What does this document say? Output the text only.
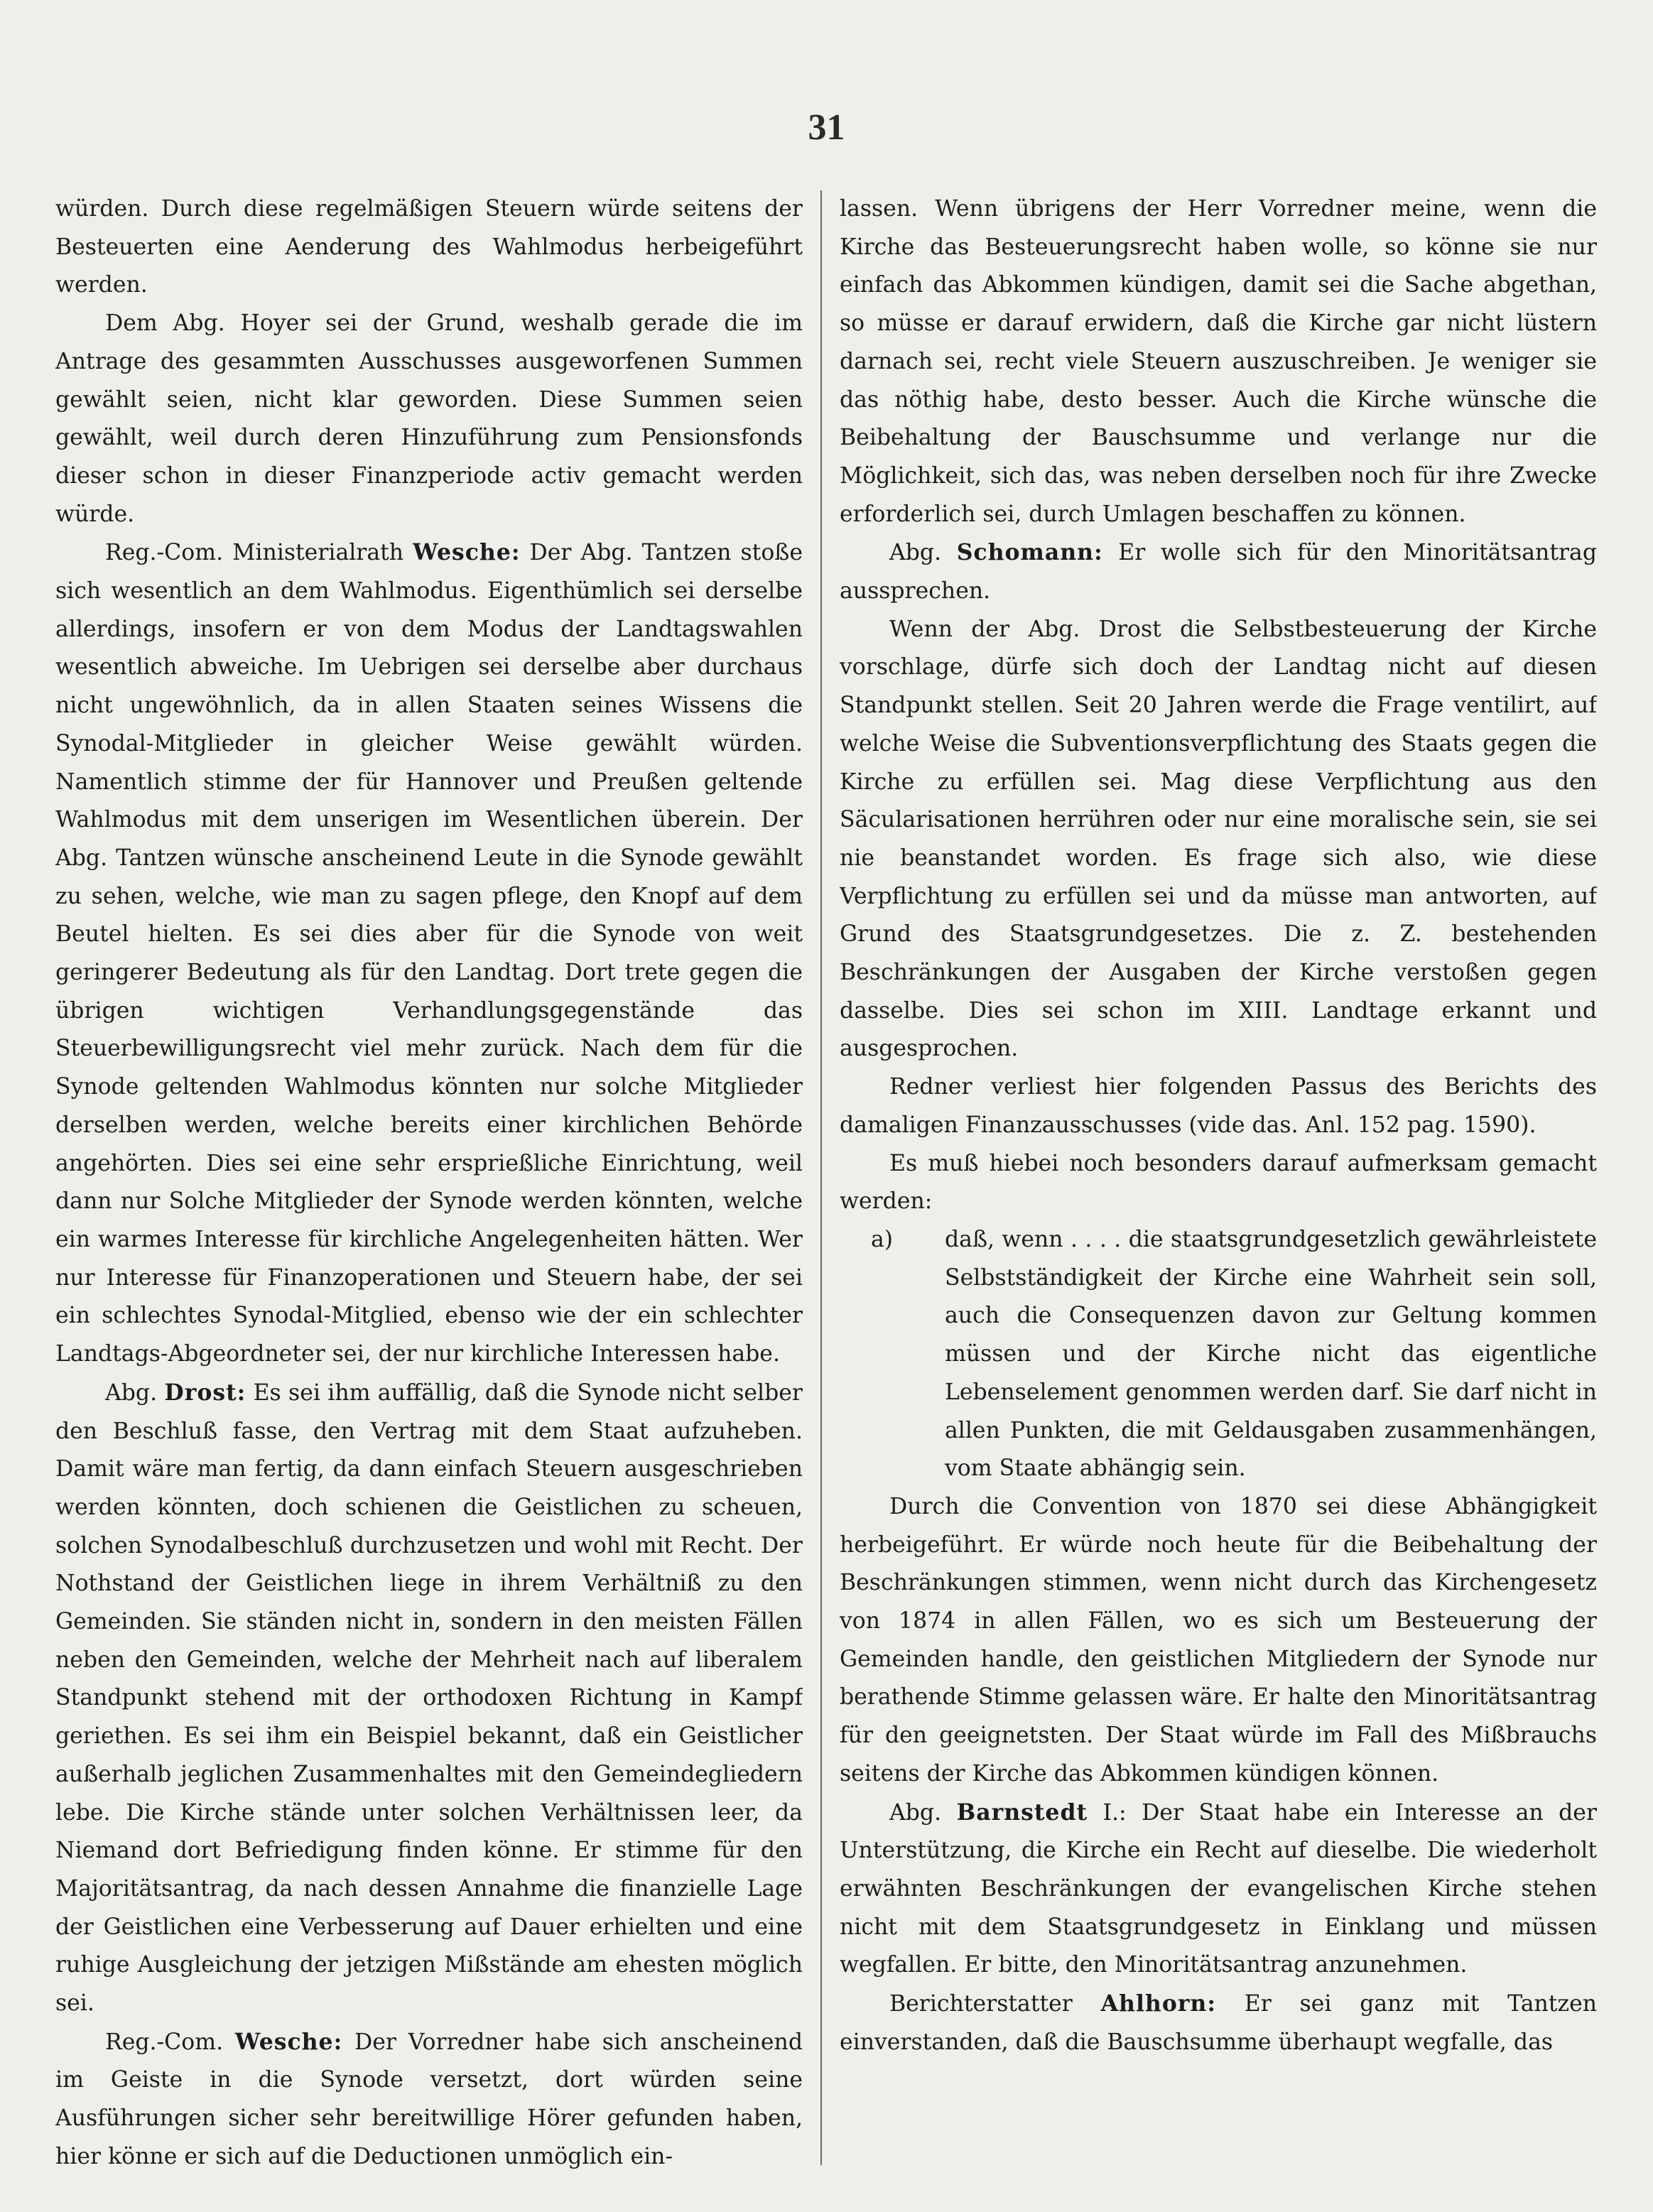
31

würden. Durch diese regelmäßigen Steuern würde seitens der Besteuerten eine Aenderung des Wahlmodus herbeigeführt werden.

Dem Abg. Hoyer sei der Grund, weshalb gerade die im Antrage des gesammten Ausschusses ausgeworfenen Summen gewählt seien, nicht klar geworden. Diese Summen seien gewählt, weil durch deren Hinzuführung zum Pensionsfonds dieser schon in dieser Finanzperiode activ gemacht werden würde.

Reg.-Com. Ministerialrath Wesche: Der Abg. Tantzen stoße sich wesentlich an dem Wahlmodus. Eigenthümlich sei derselbe allerdings, insofern er von dem Modus der Landtagswahlen wesentlich abweiche. Im Uebrigen sei derselbe aber durchaus nicht ungewöhnlich, da in allen Staaten seines Wissens die Synodal-Mitglieder in gleicher Weise gewählt würden. Namentlich stimme der für Hannover und Preußen geltende Wahlmodus mit dem unserigen im Wesentlichen überein. Der Abg. Tantzen wünsche anscheinend Leute in die Synode gewählt zu sehen, welche, wie man zu sagen pflege, den Knopf auf dem Beutel hielten. Es sei dies aber für die Synode von weit geringerer Bedeutung als für den Landtag. Dort trete gegen die übrigen wichtigen Verhandlungsgegenstände das Steuerbewilligungsrecht viel mehr zurück. Nach dem für die Synode geltenden Wahlmodus könnten nur solche Mitglieder derselben werden, welche bereits einer kirchlichen Behörde angehörten. Dies sei eine sehr ersprießliche Einrichtung, weil dann nur Solche Mitglieder der Synode werden könnten, welche ein warmes Interesse für kirchliche Angelegenheiten hätten. Wer nur Interesse für Finanzoperationen und Steuern habe, der sei ein schlechtes Synodal-Mitglied, ebenso wie der ein schlechter Landtags-Abgeordneter sei, der nur kirchliche Interessen habe.

Abg. Drost: Es sei ihm auffällig, daß die Synode nicht selber den Beschluß fasse, den Vertrag mit dem Staat aufzuheben. Damit wäre man fertig, da dann einfach Steuern ausgeschrieben werden könnten, doch schienen die Geistlichen zu scheuen, solchen Synodalbeschluß durchzusetzen und wohl mit Recht. Der Nothstand der Geistlichen liege in ihrem Verhältniß zu den Gemeinden. Sie ständen nicht in, sondern in den meisten Fällen neben den Gemeinden, welche der Mehrheit nach auf liberalem Standpunkt stehend mit der orthodoxen Richtung in Kampf geriethen. Es sei ihm ein Beispiel bekannt, daß ein Geistlicher außerhalb jeglichen Zusammenhaltes mit den Gemeindegliedern lebe. Die Kirche stände unter solchen Verhältnissen leer, da Niemand dort Befriedigung finden könne. Er stimme für den Majoritätsantrag, da nach dessen Annahme die finanzielle Lage der Geistlichen eine Verbesserung auf Dauer erhielten und eine ruhige Ausgleichung der jetzigen Mißstände am ehesten möglich sei.

Reg.-Com. Wesche: Der Vorredner habe sich anscheinend im Geiste in die Synode versetzt, dort würden seine Ausführungen sicher sehr bereitwillige Hörer gefunden haben, hier könne er sich auf die Deductionen unmöglich ein-

lassen. Wenn übrigens der Herr Vorredner meine, wenn die Kirche das Besteuerungsrecht haben wolle, so könne sie nur einfach das Abkommen kündigen, damit sei die Sache abgethan, so müsse er darauf erwidern, daß die Kirche gar nicht lüstern darnach sei, recht viele Steuern auszuschreiben. Je weniger sie das nöthig habe, desto besser. Auch die Kirche wünsche die Beibehaltung der Bauschsumme und verlange nur die Möglichkeit, sich das, was neben derselben noch für ihre Zwecke erforderlich sei, durch Umlagen beschaffen zu können.

Abg. Schomann: Er wolle sich für den Minoritätsantrag aussprechen.

Wenn der Abg. Drost die Selbstbesteuerung der Kirche vorschlage, dürfe sich doch der Landtag nicht auf diesen Standpunkt stellen. Seit 20 Jahren werde die Frage ventilirt, auf welche Weise die Subventionsverpflichtung des Staats gegen die Kirche zu erfüllen sei. Mag diese Verpflichtung aus den Säcularisationen herrühren oder nur eine moralische sein, sie sei nie beanstandet worden. Es frage sich also, wie diese Verpflichtung zu erfüllen sei und da müsse man antworten, auf Grund des Staatsgrundgesetzes. Die z. Z. bestehenden Beschränkungen der Ausgaben der Kirche verstoßen gegen dasselbe. Dies sei schon im XIII. Landtage erkannt und ausgesprochen.

Redner verliest hier folgenden Passus des Berichts des damaligen Finanzausschusses (vide das. Anl. 152 pag. 1590).

Es muß hiebei noch besonders darauf aufmerksam gemacht werden:

a) daß, wenn . . . . die staatsgrundgesetzlich gewährleistete Selbstständigkeit der Kirche eine Wahrheit sein soll, auch die Consequenzen davon zur Geltung kommen müssen und der Kirche nicht das eigentliche Lebenselement genommen werden darf. Sie darf nicht in allen Punkten, die mit Geldausgaben zusammenhängen, vom Staate abhängig sein.

Durch die Convention von 1870 sei diese Abhängigkeit herbeigeführt. Er würde noch heute für die Beibehaltung der Beschränkungen stimmen, wenn nicht durch das Kirchengesetz von 1874 in allen Fällen, wo es sich um Besteuerung der Gemeinden handle, den geistlichen Mitgliedern der Synode nur berathende Stimme gelassen wäre. Er halte den Minoritätsantrag für den geeignetsten. Der Staat würde im Fall des Mißbrauchs seitens der Kirche das Abkommen kündigen können.

Abg. Barnstedt I.: Der Staat habe ein Interesse an der Unterstützung, die Kirche ein Recht auf dieselbe. Die wiederholt erwähnten Beschränkungen der evangelischen Kirche stehen nicht mit dem Staatsgrundgesetz in Einklang und müssen wegfallen. Er bitte, den Minoritätsantrag anzunehmen.

Berichterstatter Ahlhorn: Er sei ganz mit Tantzen einverstanden, daß die Bauschsumme überhaupt wegfalle, das
